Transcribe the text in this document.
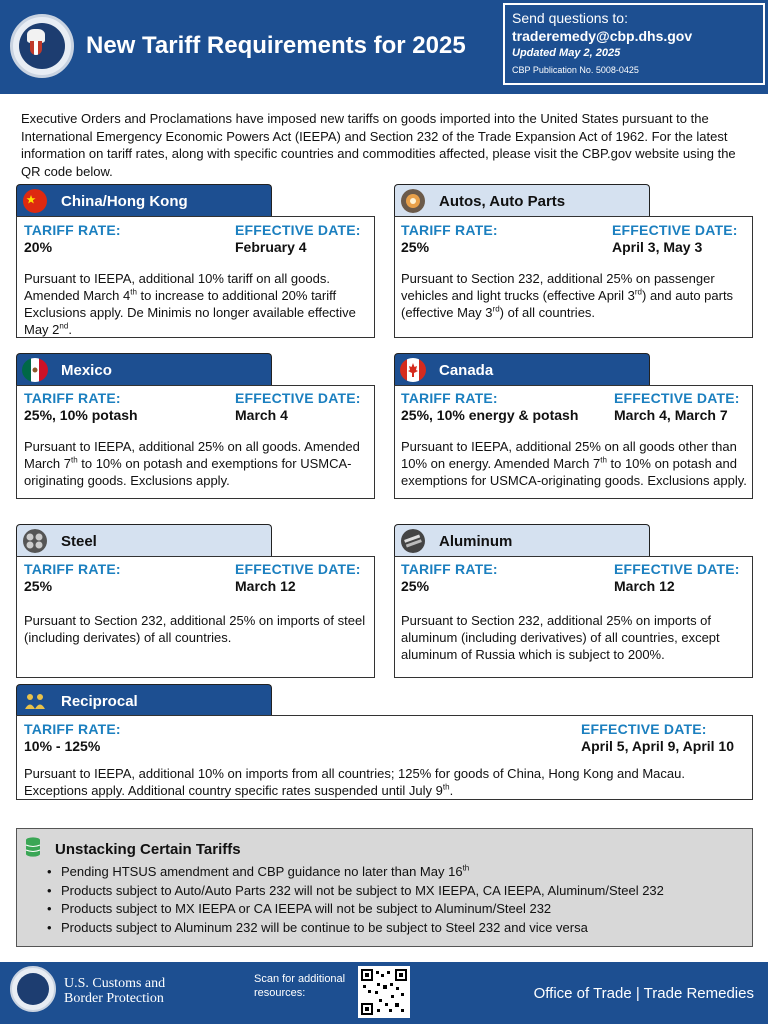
New Tariff Requirements for 2025
Send questions to:
traderemedy@cbp.dhs.gov
Updated May 2, 2025
CBP Publication No. 5008-0425
Executive Orders and Proclamations have imposed new tariffs on goods imported into the United States pursuant to the International Emergency Economic Powers Act (IEEPA) and Section 232 of the Trade Expansion Act of 1962. For the latest information on tariff rates, along with specific countries and commodities affected, please visit the CBP.gov website using the QR code below.
China/Hong Kong
TARIFF RATE:	EFFECTIVE DATE:
20%	February 4
Pursuant to IEEPA, additional 10% tariff on all goods. Amended March 4th to increase to additional 20% tariff Exclusions apply. De Minimis no longer available effective May 2nd.
Autos, Auto Parts
TARIFF RATE:	EFFECTIVE DATE:
25%	April 3, May 3
Pursuant to Section 232, additional 25% on passenger vehicles and light trucks (effective April 3rd) and auto parts (effective May 3rd) of all countries.
Mexico
TARIFF RATE:	EFFECTIVE DATE:
25%, 10% potash	March 4
Pursuant to IEEPA, additional 25% on all goods. Amended March 7th to 10% on potash and exemptions for USMCA-originating goods. Exclusions apply.
Canada
TARIFF RATE:	EFFECTIVE DATE:
25%, 10% energy & potash	March 4, March 7
Pursuant to IEEPA, additional 25% on all goods other than 10% on energy. Amended March 7th to 10% on potash and exemptions for USMCA-originating goods. Exclusions apply.
Steel
TARIFF RATE:	EFFECTIVE DATE:
25%	March 12
Pursuant to Section 232, additional 25% on imports of steel (including derivates) of all countries.
Aluminum
TARIFF RATE:	EFFECTIVE DATE:
25%	March 12
Pursuant to Section 232, additional 25% on imports of aluminum (including derivatives) of all countries, except aluminum of Russia which is subject to 200%.
Reciprocal
TARIFF RATE:	EFFECTIVE DATE:
10% - 125%	April 5, April 9, April 10
Pursuant to IEEPA, additional 10% on imports from all countries; 125% for goods of China, Hong Kong and Macau. Exceptions apply. Additional country specific rates suspended until July 9th.
Unstacking Certain Tariffs
• Pending HTSUS amendment and CBP guidance no later than May 16th
• Products subject to Auto/Auto Parts 232 will not be subject to MX IEEPA, CA IEEPA, Aluminum/Steel 232
• Products subject to MX IEEPA or CA IEEPA will not be subject to Aluminum/Steel 232
• Products subject to Aluminum 232 will be continue to be subject to Steel 232 and vice versa
U.S. Customs and
Border Protection
Scan for additional
resources:	Office of Trade | Trade Remedies
